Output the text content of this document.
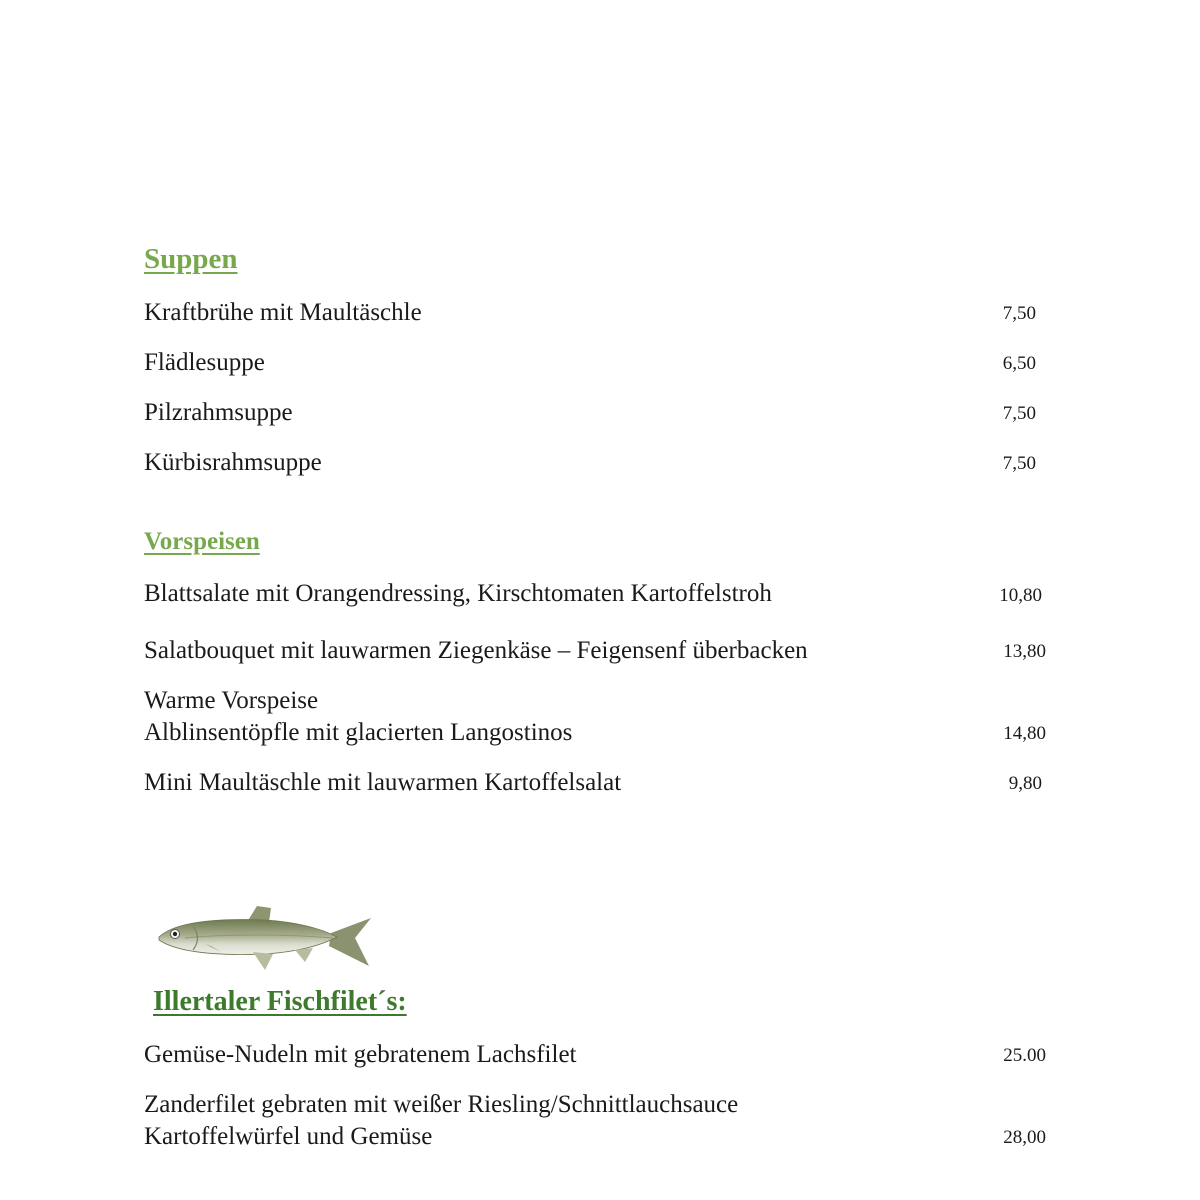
Suppen
Kraftbrühe mit Maultäschle	7,50
Flädlesuppe	6,50
Pilzrahmsuppe	7,50
Kürbisrahmsuppe	7,50
Vorspeisen
Blattsalate mit Orangendressing, Kirschtomaten Kartoffelstroh	10,80
Salatbouquet mit lauwarmen Ziegenkäse – Feigensenf überbacken	13,80
Warme Vorspeise
Alblinsentöpfle mit glacierten Langostinos	14,80
Mini Maultäschle mit lauwarmen Kartoffelsalat	9,80
Illertaler Fischfilet´s:
Gemüse-Nudeln mit gebratenem Lachsfilet	25.00
Zanderfilet gebraten mit weißer Riesling/Schnittlauchsauce
Kartoffelwürfel und Gemüse	28,00
